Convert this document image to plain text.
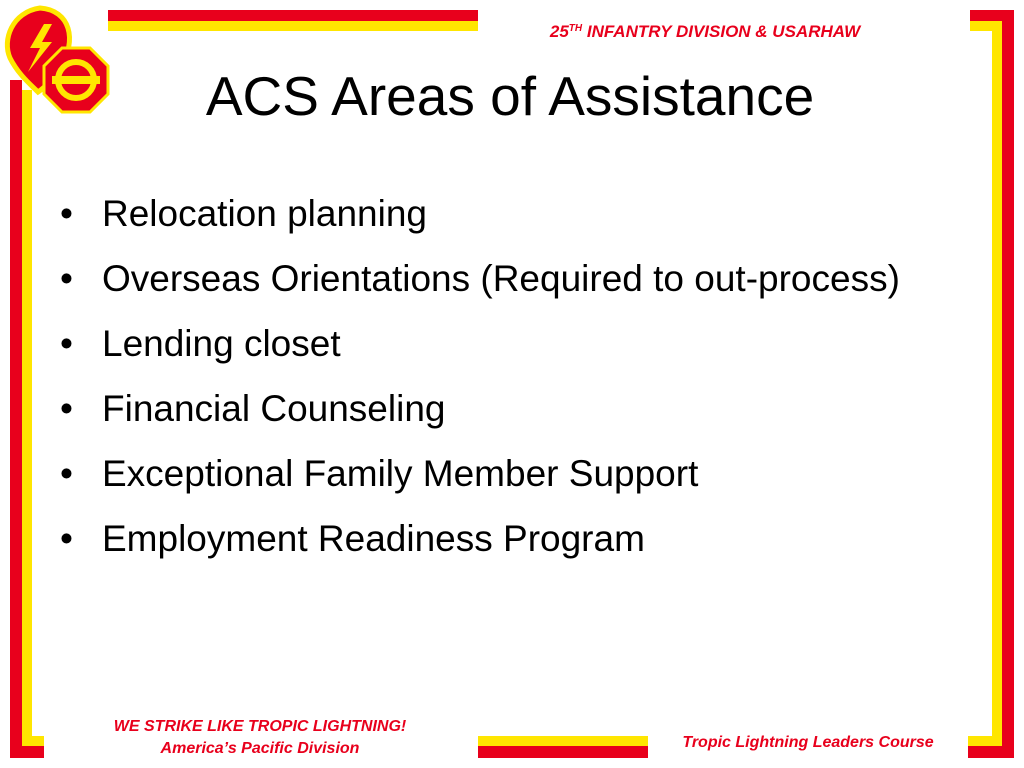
25TH INFANTRY DIVISION & USARHAW
ACS Areas of Assistance
• Relocation planning
• Overseas Orientations (Required to out-process)
• Lending closet
• Financial Counseling
• Exceptional Family Member Support
• Employment Readiness Program
WE STRIKE LIKE TROPIC LIGHTNING!
America’s Pacific Division	Tropic Lightning Leaders Course
